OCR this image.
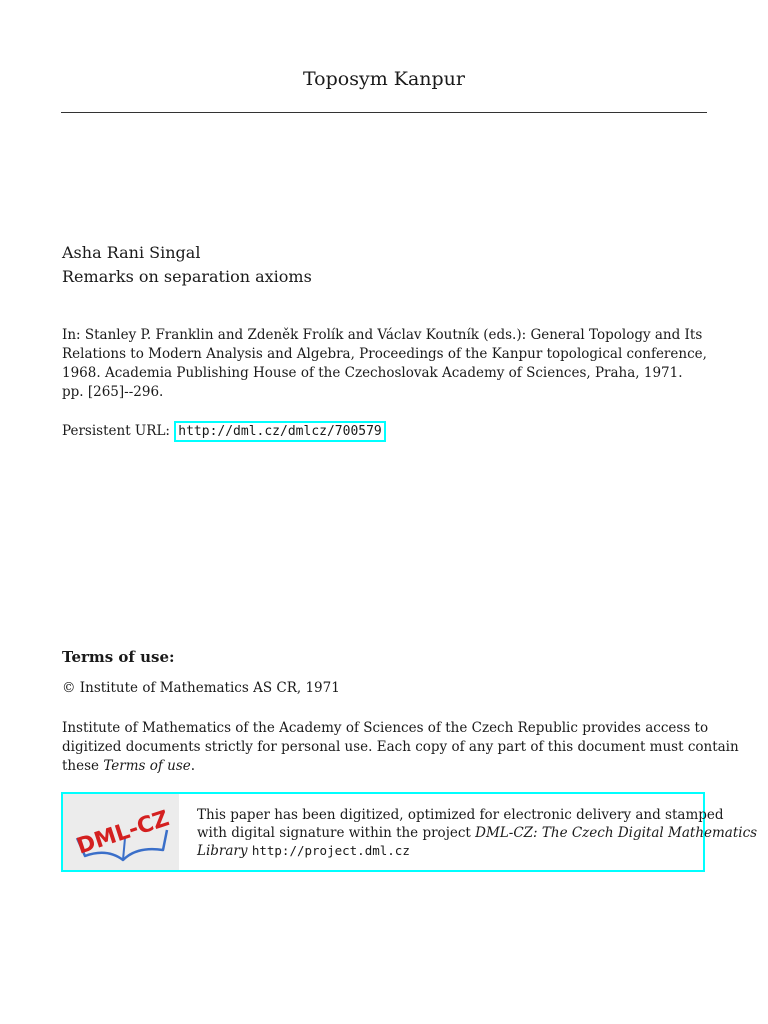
Toposym Kanpur
Asha Rani Singal
Remarks on separation axioms
In: Stanley P. Franklin and Zdeněk Frolík and Václav Koutník (eds.): General Topology and Its
Relations to Modern Analysis and Algebra, Proceedings of the Kanpur topological conference,
1968. Academia Publishing House of the Czechoslovak Academy of Sciences, Praha, 1971.
pp. [265]--296.
Persistent URL: http://dml.cz/dmlcz/700579
Terms of use:
© Institute of Mathematics AS CR, 1971
Institute of Mathematics of the Academy of Sciences of the Czech Republic provides access to
digitized documents strictly for personal use. Each copy of any part of this document must contain
these Terms of use.
DML-CZ This paper has been digitized, optimized for electronic delivery and stamped
with digital signature within the project DML-CZ: The Czech Digital Mathematics
Library http://project.dml.cz
